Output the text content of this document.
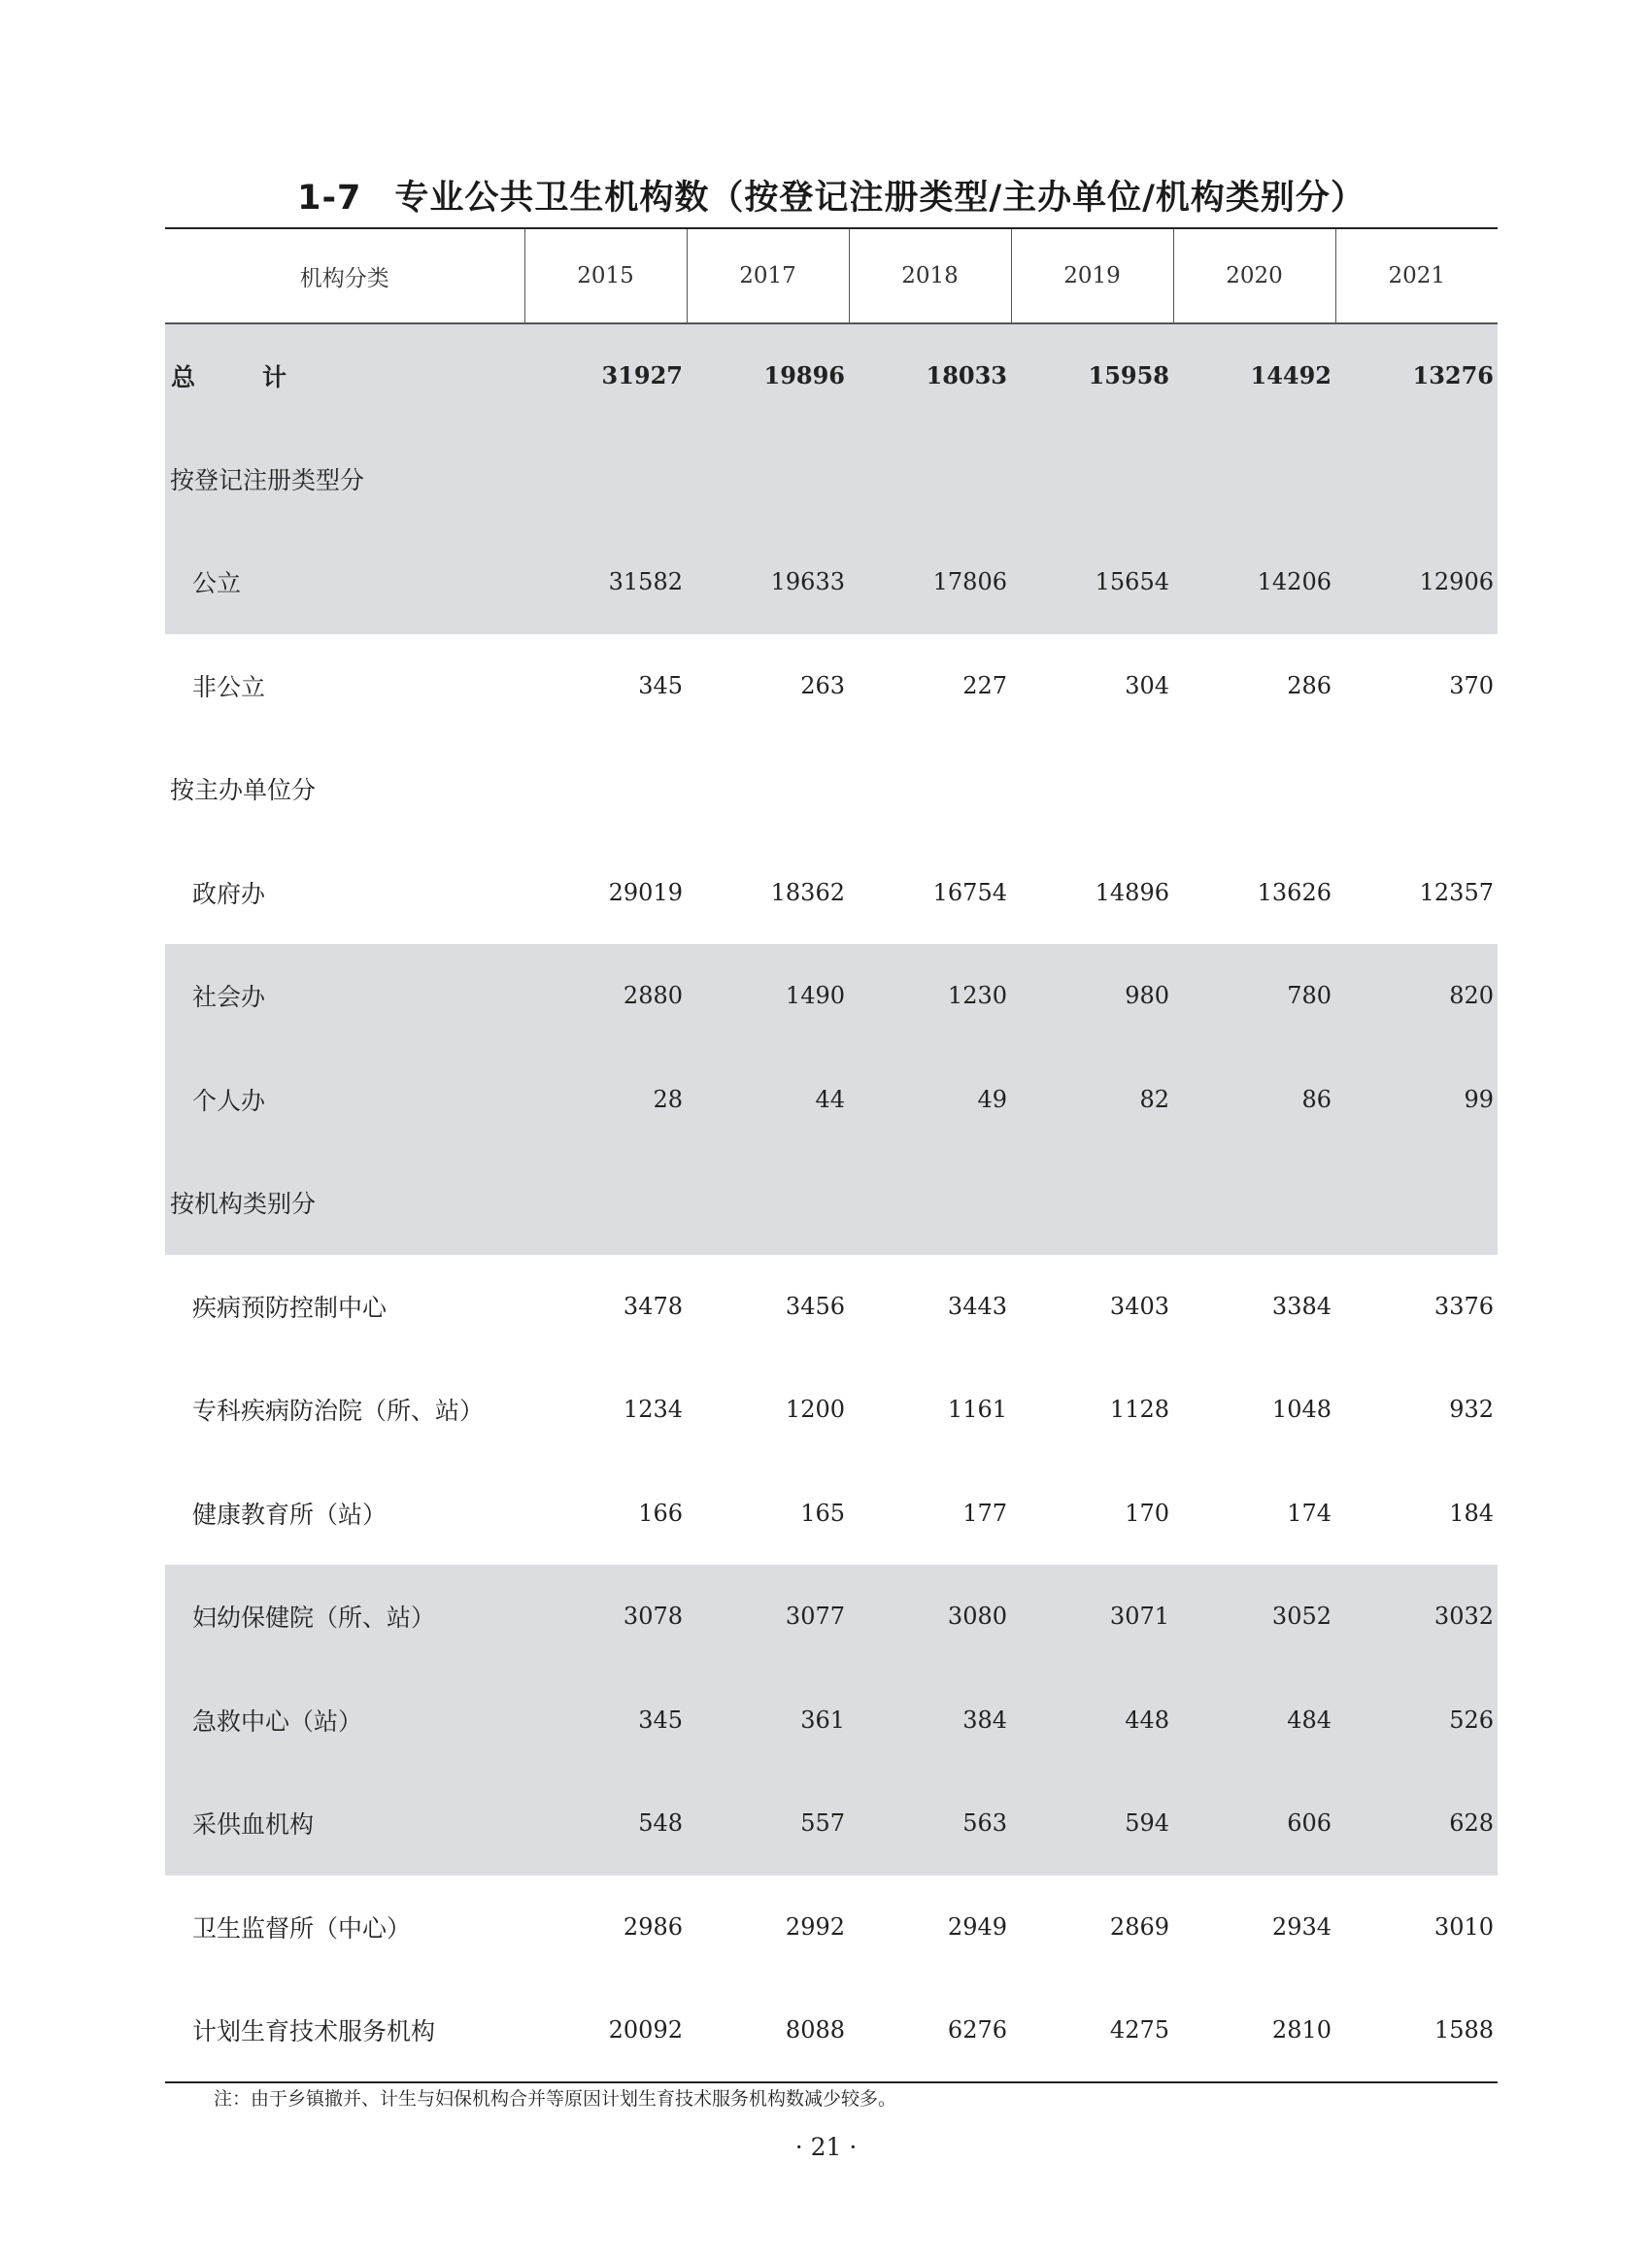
1-7 专业公共卫生机构数（按登记注册类型/主办单位/机构类别分）
机构分类	2015	2017	2018	2019	2020	2021
总　计	31927	19896	18033	15958	14492	13276
按登记注册类型分						
公立	31582	19633	17806	15654	14206	12906
非公立	345	263	227	304	286	370
按主办单位分						
政府办	29019	18362	16754	14896	13626	12357
社会办	2880	1490	1230	980	780	820
个人办	28	44	49	82	86	99
按机构类别分						
疾病预防控制中心	3478	3456	3443	3403	3384	3376
专科疾病防治院（所、站）	1234	1200	1161	1128	1048	932
健康教育所（站）	166	165	177	170	174	184
妇幼保健院（所、站）	3078	3077	3080	3071	3052	3032
急救中心（站）	345	361	384	448	484	526
采供血机构	548	557	563	594	606	628
卫生监督所（中心）	2986	2992	2949	2869	2934	3010
计划生育技术服务机构	20092	8088	6276	4275	2810	1588
注：由于乡镇撤并、计生与妇保机构合并等原因计划生育技术服务机构数减少较多。
· 21 ·
